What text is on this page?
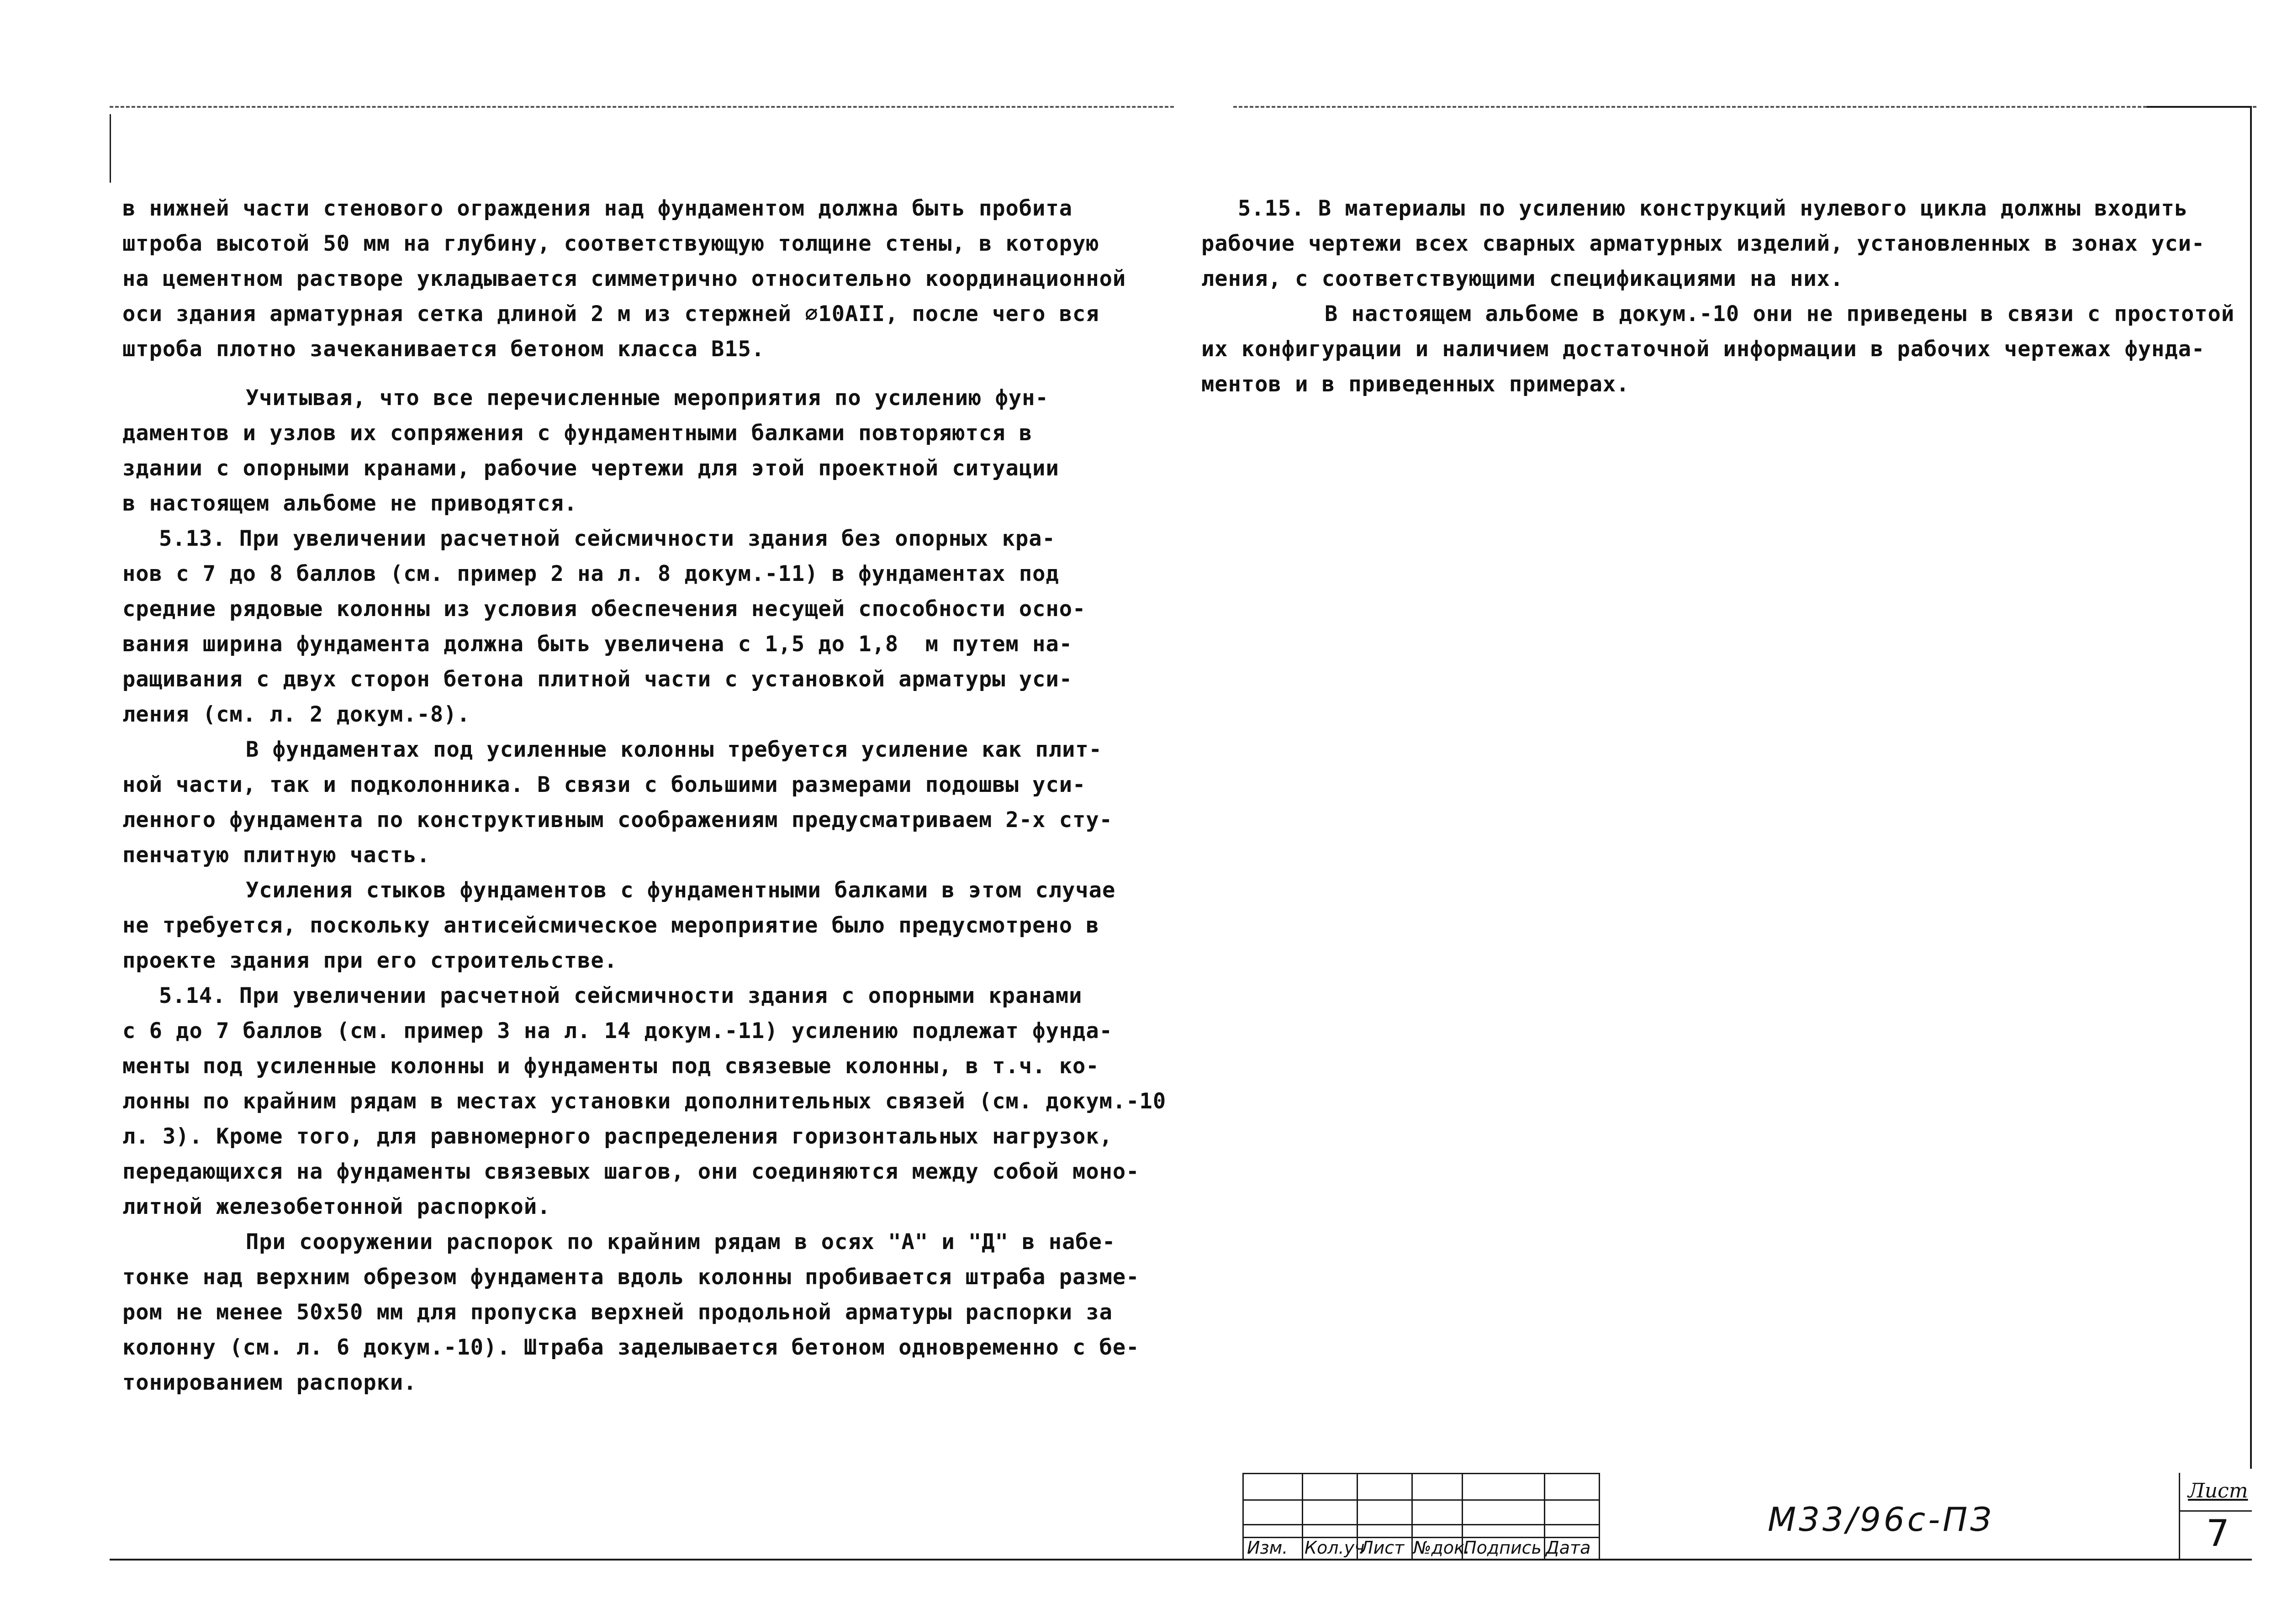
в нижней части стенового ограждения над фундаментом должна быть пробита
штроба высотой 50 мм на глубину, соответствующую толщине стены, в которую
на цементном растворе укладывается симметрично относительно координационной
оси здания арматурная сетка длиной 2 м из стержней ⌀10АII, после чего вся
штроба плотно зачеканивается бетоном класса В15.
Учитывая, что все перечисленные мероприятия по усилению фун-
даментов и узлов их сопряжения с фундаментными балками повторяются в
здании с опорными кранами, рабочие чертежи для этой проектной ситуации
в настоящем альбоме не приводятся.
5.13. При увеличении расчетной сейсмичности здания без опорных кра-
нов с 7 до 8 баллов (см. пример 2 на л. 8 докум.-11) в фундаментах под
средние рядовые колонны из условия обеспечения несущей способности осно-
вания ширина фундамента должна быть увеличена с 1,5 до 1,8  м путем на-
ращивания с двух сторон бетона плитной части с установкой арматуры уси-
ления (см. л. 2 докум.-8).
В фундаментах под усиленные колонны требуется усиление как плит-
ной части, так и подколонника. В связи с большими размерами подошвы уси-
ленного фундамента по конструктивным соображениям предусматриваем 2-х сту-
пенчатую плитную часть.
Усиления стыков фундаментов с фундаментными балками в этом случае
не требуется, поскольку антисейсмическое мероприятие было предусмотрено в
проекте здания при его строительстве.
5.14. При увеличении расчетной сейсмичности здания с опорными кранами
с 6 до 7 баллов (см. пример 3 на л. 14 докум.-11) усилению подлежат фунда-
менты под усиленные колонны и фундаменты под связевые колонны, в т.ч. ко-
лонны по крайним рядам в местах установки дополнительных связей (см. докум.-10
л. 3). Кроме того, для равномерного распределения горизонтальных нагрузок,
передающихся на фундаменты связевых шагов, они соединяются между собой моно-
литной железобетонной распоркой.
При сооружении распорок по крайним рядам в осях "А" и "Д" в набе-
тонке над верхним обрезом фундамента вдоль колонны пробивается штраба разме-
ром не менее 50х50 мм для пропуска верхней продольной арматуры распорки за
колонну (см. л. 6 докум.-10). Штраба заделывается бетоном одновременно с бе-
тонированием распорки.
5.15. В материалы по усилению конструкций нулевого цикла должны входить
рабочие чертежи всех сварных арматурных изделий, установленных в зонах уси-
ления, с соответствующими спецификациями на них.
В настоящем альбоме в докум.-10 они не приведены в связи с простотой
их конфигурации и наличием достаточной информации в рабочих чертежах фунда-
ментов и в приведенных примерах.
Изм. Кол.уч
Лист №док.
Подпись Дата
М33/96с-ПЗ
Лист
7
